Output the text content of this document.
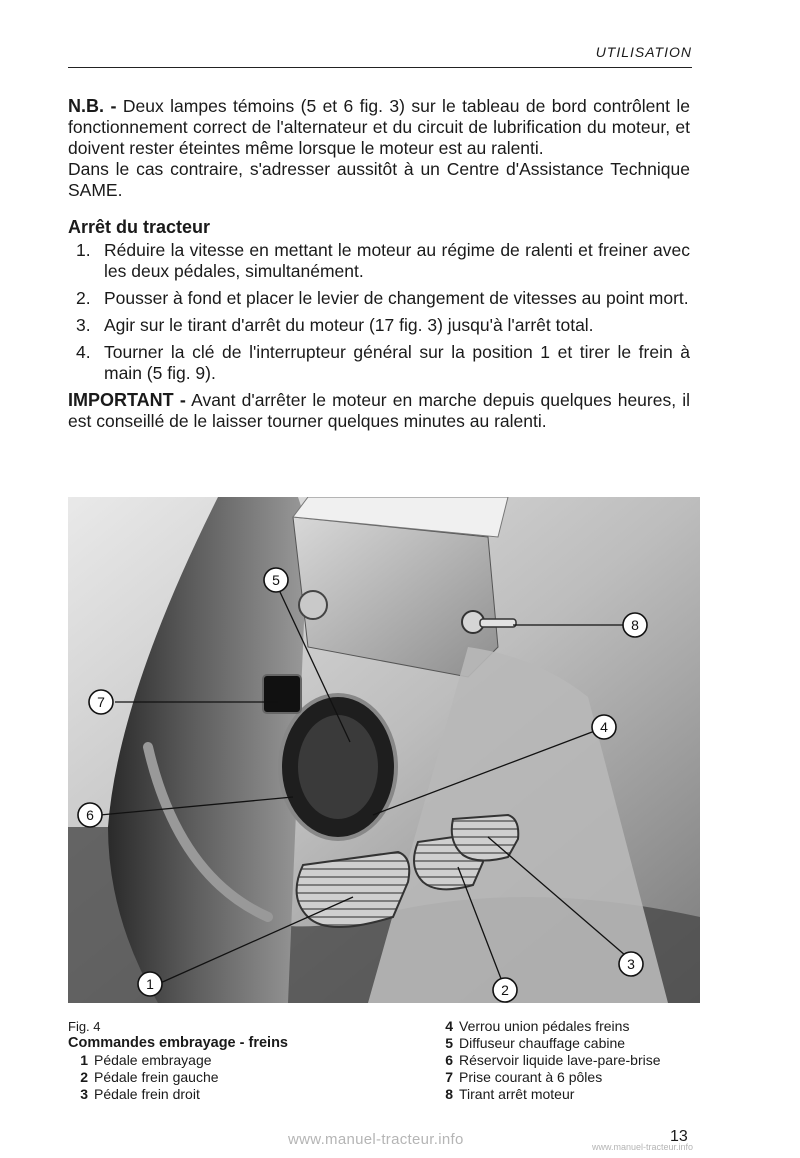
UTILISATION

N.B. - Deux lampes témoins (5 et 6 fig. 3) sur le tableau de bord contrôlent le fonctionnement correct de l'alternateur et du circuit de lubrification du moteur, et doivent rester éteintes même lorsque le moteur est au ralenti.

Dans le cas contraire, s'adresser aussitôt à un Centre d'Assistance Technique SAME.

Arrêt du tracteur
1. Réduire la vitesse en mettant le moteur au régime de ralenti et freiner avec les deux pédales, simultanément.
2. Pousser à fond et placer le levier de changement de vitesses au point mort.
3. Agir sur le tirant d'arrêt du moteur (17 fig. 3) jusqu'à l'arrêt total.
4. Tourner la clé de l'interrupteur général sur la position 1 et tirer le frein à main (5 fig. 9).

IMPORTANT - Avant d'arrêter le moteur en marche depuis quelques heures, il est conseillé de le laisser tourner quelques minutes au ralenti.

1	2
3
4
5
6
7
8
Fig. 4
Commandes embrayage - freins
1 Pédale embrayage
2 Pédale frein gauche
3 Pédale frein droit
4 Verrou union pédales freins
5 Diffuseur chauffage cabine
6 Réservoir liquide lave-pare-brise
7 Prise courant à 6 pôles
8 Tirant arrêt moteur
www.manuel-tracteur.info	13
www.manuel-tracteur.info
